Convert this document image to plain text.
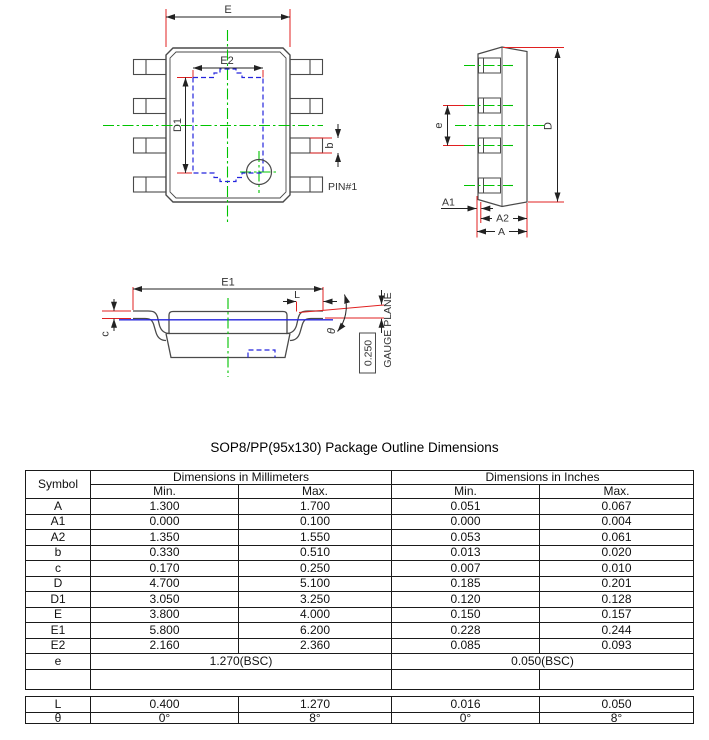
E
E2
D1
b
PIN#1
e	D
A1
A2
A
E1
L
c
θ
0.250 GAUGE PLANE
SOP8/PP(95x130) Package Outline Dimensions
Symbol	Dimensions in Millimeters		Dimensions in Inches	
	Min.	Max.	Min.	Max.
A	1.300	1.700	0.051	0.067
A1	0.000	0.100	0.000	0.004
A2	1.350	1.550	0.053	0.061
b	0.330	0.510	0.013	0.020
c	0.170	0.250	0.007	0.010
D	4.700	5.100	0.185	0.201
D1	3.050	3.250	0.120	0.128
E	3.800	4.000	0.150	0.157
E1	5.800	6.200	0.228	0.244
E2	2.160	2.360	0.085	0.093
e	1.270(BSC)		0.050(BSC)	

L	0.400	1.270	0.016	0.050
θ	0°	8°	0°	8°
